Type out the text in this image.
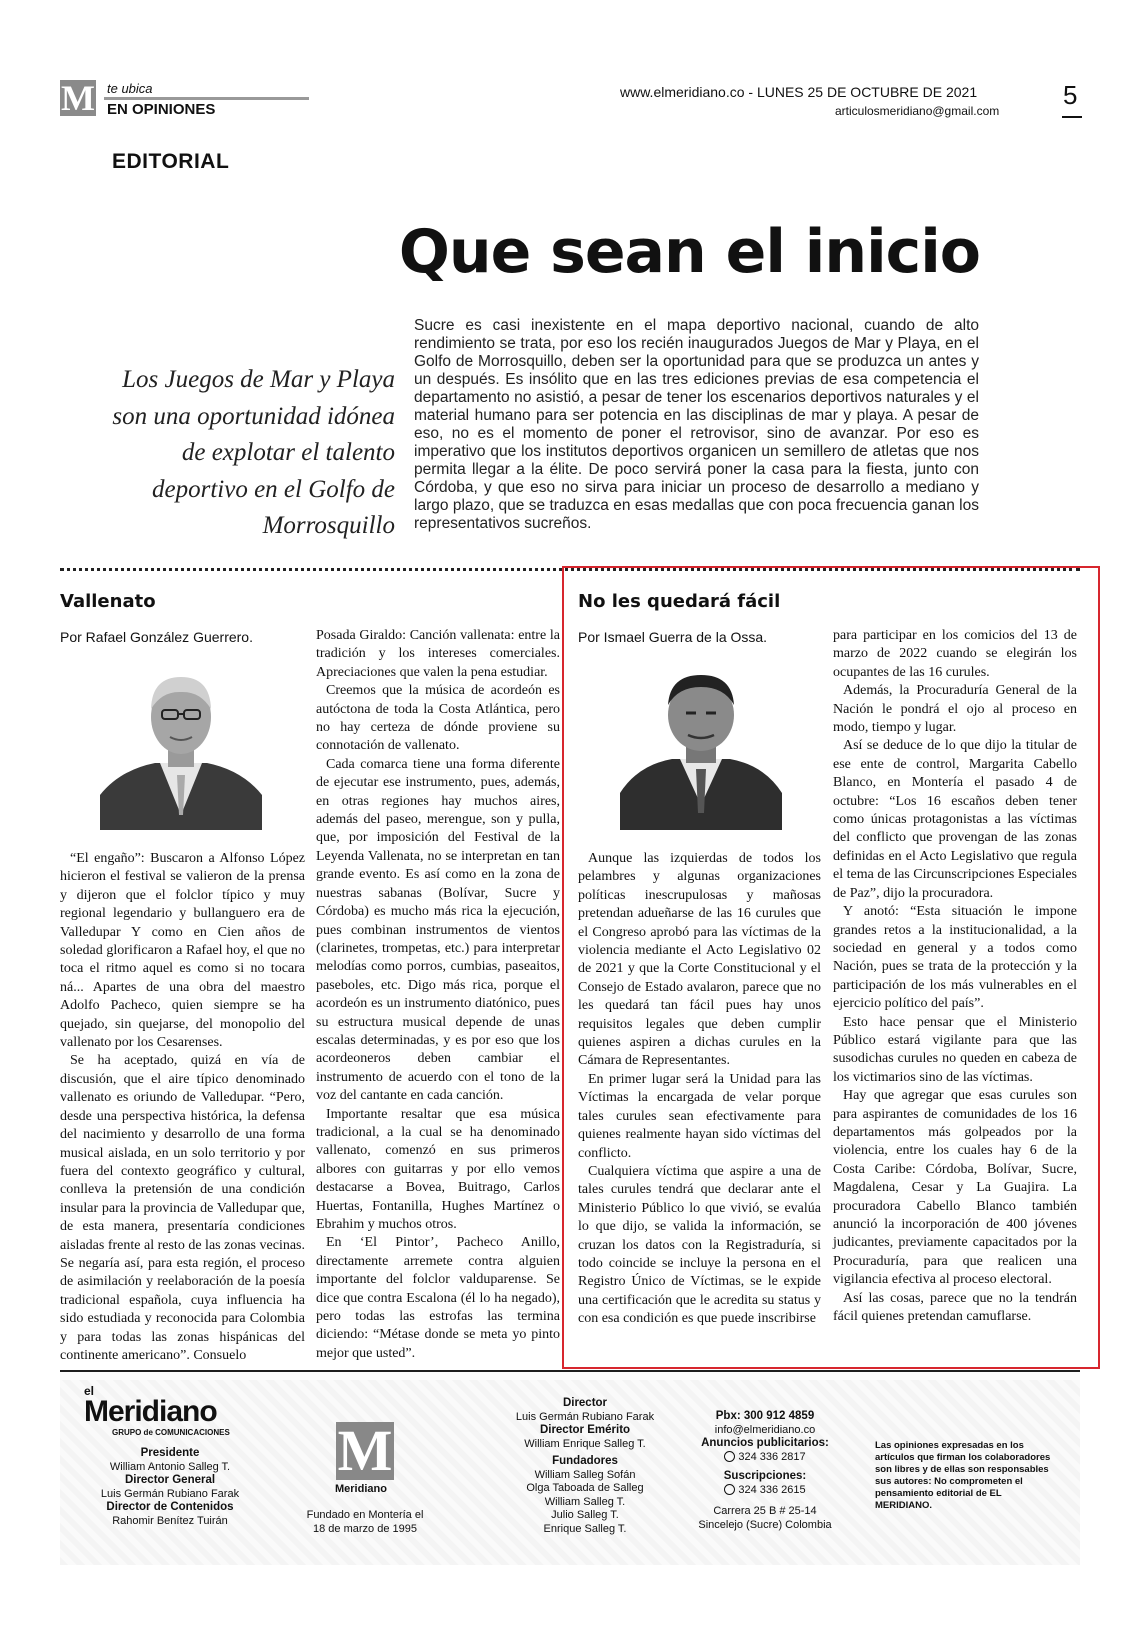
M te ubica
EN OPINIONES
www.elmeridiano.co - LUNES 25 DE OCTUBRE DE 2021
articulosmeridiano@gmail.com
5
EDITORIAL
Que sean el inicio
Los Juegos de Mar y Playa son una oportunidad idónea de explotar el talento deportivo en el Golfo de Morrosquillo
Sucre es casi inexistente en el mapa deportivo nacional, cuando de alto rendimiento se trata, por eso los recién inaugurados Juegos de Mar y Playa, en el Golfo de Morrosquillo, deben ser la oportunidad para que se produzca un antes y un después. Es insólito que en las tres ediciones previas de esa competencia el departamento no asistió, a pesar de tener los escenarios deportivos naturales y el material humano para ser potencia en las disciplinas de mar y playa. A pesar de eso, no es el momento de poner el retrovisor, sino de avanzar. Por eso es imperativo que los institutos deportivos organicen un semillero de atletas que nos permita llegar a la élite. De poco servirá poner la casa para la fiesta, junto con Córdoba, y que eso no sirva para iniciar un proceso de desarrollo a mediano y largo plazo, que se traduzca en esas medallas que con poca frecuencia ganan los representativos sucreños.
Vallenato
Por Rafael González Guerrero.

“El engaño”: Buscaron a Alfonso López hicieron el festival se valieron de la prensa y dijeron que el folclor típico y muy regional legendario y bullanguero era de Valledupar Y como en Cien años de soledad glorificaron a Rafael hoy, el que no toca el ritmo aquel es como si no tocara ná... Apartes de una obra del maestro Adolfo Pacheco, quien siempre se ha quejado, sin quejarse, del monopolio del vallenato por los Cesarenses.

Se ha aceptado, quizá en vía de discusión, que el aire típico denominado vallenato es oriundo de Valledupar. “Pero, desde una perspectiva histórica, la defensa del nacimiento y desarrollo de una forma musical aislada, en un solo territorio y por fuera del contexto geográfico y cultural, conlleva la pretensión de una condición insular para la provincia de Valledupar que, de esta manera, presentaría condiciones aisladas frente al resto de las zonas vecinas. Se negaría así, para esta región, el proceso de asimilación y reelaboración de la poesía tradicional española, cuya influencia ha sido estudiada y reconocida para Colombia y para todas las zonas hispánicas del continente americano”. Consuelo

Posada Giraldo: Canción vallenata: entre la tradición y los intereses comerciales. Apreciaciones que valen la pena estudiar.

Creemos que la música de acordeón es autóctona de toda la Costa Atlántica, pero no hay certeza de dónde proviene su connotación de vallenato.

Cada comarca tiene una forma diferente de ejecutar ese instrumento, pues, además, en otras regiones hay muchos aires, además del paseo, merengue, son y pulla, que, por imposición del Festival de la Leyenda Vallenata, no se interpretan en tan grande evento. Es así como en la zona de nuestras sabanas (Bolívar, Sucre y Córdoba) es mucho más rica la ejecución, pues combinan instrumentos de vientos (clarinetes, trompetas, etc.) para interpretar melodías como porros, cumbias, paseaitos, paseboles, etc. Digo más rica, porque el acordeón es un instrumento diatónico, pues su estructura musical depende de unas escalas determinadas, y es por eso que los acordeoneros deben cambiar el instrumento de acuerdo con el tono de la voz del cantante en cada canción.

Importante resaltar que esa música tradicional, a la cual se ha denominado vallenato, comenzó en sus primeros albores con guitarras y por ello vemos destacarse a Bovea, Buitrago, Carlos Huertas, Fontanilla, Hughes Martínez o Ebrahim y muchos otros.

En ‘El Pintor’, Pacheco Anillo, directamente arremete contra alguien importante del folclor valduparense. Se dice que contra Escalona (él lo ha negado), pero todas las estrofas las termina diciendo: “Métase donde se meta yo pinto mejor que usted”.

No les quedará fácil
Por Ismael Guerra de la Ossa.

Aunque las izquierdas de todos los pelambres y algunas organizaciones políticas inescrupulosas y mañosas pretendan adueñarse de las 16 curules que el Congreso aprobó para las víctimas de la violencia mediante el Acto Legislativo 02 de 2021 y que la Corte Constitucional y el Consejo de Estado avalaron, parece que no les quedará tan fácil pues hay unos requisitos legales que deben cumplir quienes aspiren a dichas curules en la Cámara de Representantes.

En primer lugar será la Unidad para las Víctimas la encargada de velar porque tales curules sean efectivamente para quienes realmente hayan sido víctimas del conflicto.

Cualquiera víctima que aspire a una de tales curules tendrá que declarar ante el Ministerio Público lo que vivió, se evalúa lo que dijo, se valida la información, se cruzan los datos con la Registraduría, si todo coincide se incluye la persona en el Registro Único de Víctimas, se le expide una certificación que le acredita su status y con esa condición es que puede inscribirse

para participar en los comicios del 13 de marzo de 2022 cuando se elegirán los ocupantes de las 16 curules.

Además, la Procuraduría General de la Nación le pondrá el ojo al proceso en modo, tiempo y lugar.

Así se deduce de lo que dijo la titular de ese ente de control, Margarita Cabello Blanco, en Montería el pasado 4 de octubre: “Los 16 escaños deben tener como únicas protagonistas a las víctimas del conflicto que provengan de las zonas definidas en el Acto Legislativo que regula el tema de las Circunscripciones Especiales de Paz”, dijo la procuradora.

Y anotó: “Esta situación le impone grandes retos a la institucionalidad, a la sociedad en general y a todos como Nación, pues se trata de la protección y la participación de los más vulnerables en el ejercicio político del país”.

Esto hace pensar que el Ministerio Público estará vigilante para que las susodichas curules no queden en cabeza de los victimarios sino de las víctimas.

Hay que agregar que esas curules son para aspirantes de comunidades de los 16 departamentos más golpeados por la violencia, entre los cuales hay 6 de la Costa Caribe: Córdoba, Bolívar, Sucre, Magdalena, Cesar y La Guajira. La procuradora Cabello Blanco también anunció la incorporación de 400 jóvenes judicantes, previamente capacitados por la Procuraduría, para que realicen una vigilancia efectiva al proceso electoral.

Así las cosas, parece que no la tendrán fácil quienes pretendan camuflarse.

el
Meridiano
GRUPO de COMUNICACIONES
Presidente
William Antonio Salleg T.
Director General
Luis Germán Rubiano Farak
Director de Contenidos
Rahomir Benítez Tuirán
M
Meridiano
Fundado en Montería el 18 de marzo de 1995
Director
Luis Germán Rubiano Farak
Director Emérito
William Enrique Salleg T.
Fundadores
William Salleg Sofán
Olga Taboada de Salleg
William Salleg T.
Julio Salleg T.
Enrique Salleg T.
Pbx: 300 912 4859
info@elmeridiano.co
Anuncios publicitarios:
324 336 2817
Suscripciones:
324 336 2615
Carrera 25 B # 25-14
Sincelejo (Sucre) Colombia
Las opiniones expresadas en los artículos que firman los colaboradores son libres y de ellas son responsables sus autores: No comprometen el pensamiento editorial de EL MERIDIANO.
